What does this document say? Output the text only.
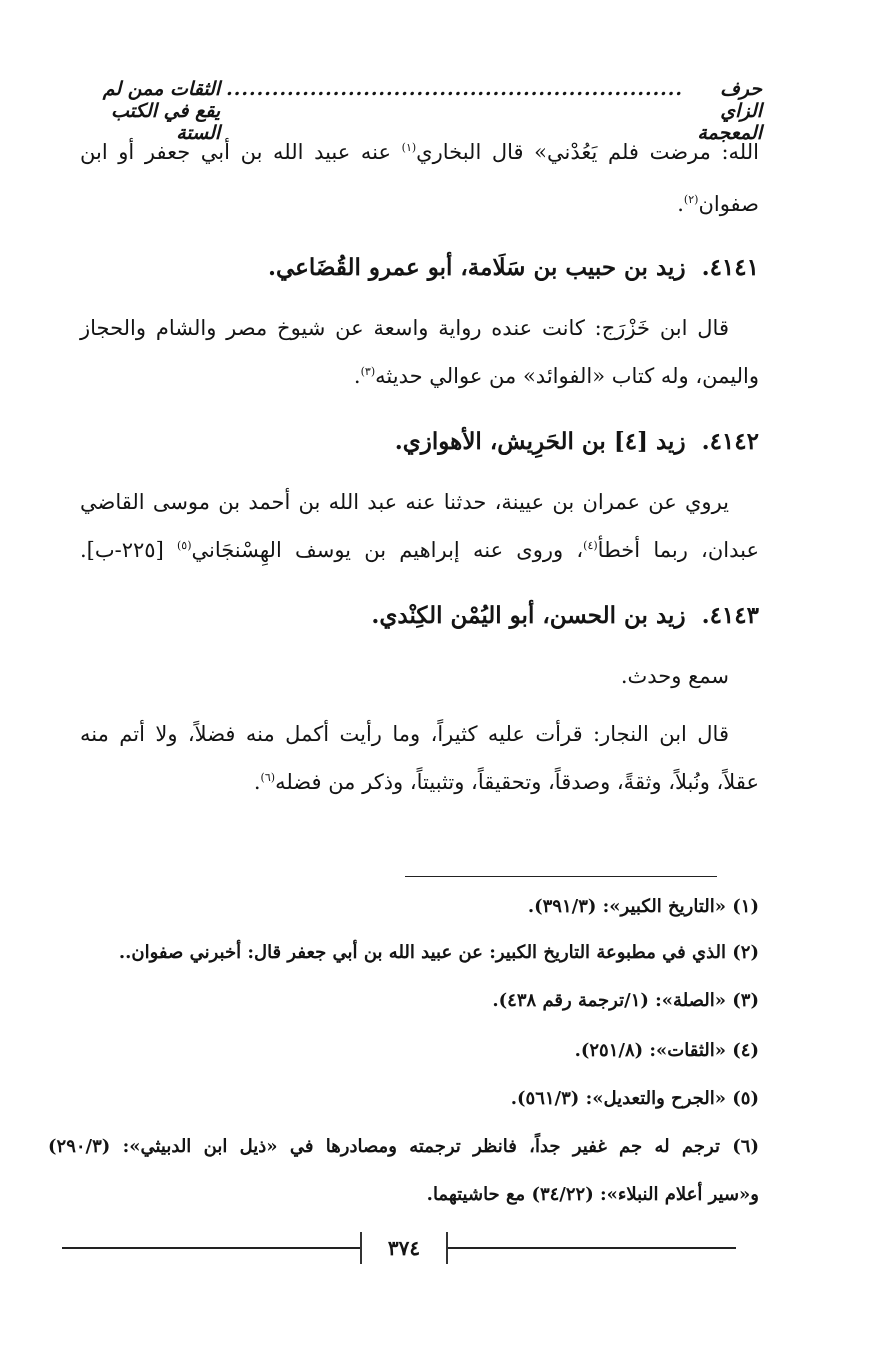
حرف الزاي المعجمة
............................................................
الثقات ممن لم يقع في الكتب الستة
الله: مرضت فلم يَعُدْني» قال البخاري$^{(١)}$ عنه عبيد الله بن أبي جعفر أو ابن
صفوان$^{(٢)}$.
٤١٤١.زيد بن حبيب بن سَلَامة، أبو عمرو القُضَاعي.
قال ابن خَزْرَج: كانت عنده رواية واسعة عن شيوخ مصر والشام والحجاز
واليمن، وله كتاب «الفوائد» من عوالي حديثه$^{(٣)}$.
٤١٤٢.زيد [٤] بن الحَرِيش، الأهوازي.
يروي عن عمران بن عيينة، حدثنا عنه عبد الله بن أحمد بن موسى القاضي
عبدان، ربما أخطأ$^{(٤)}$، وروى عنه إبراهيم بن يوسف الهِسْنجَاني$^{(٥)}$ [٢٢٥-ب].
٤١٤٣.زيد بن الحسن، أبو اليُمْن الكِنْدي.
سمع وحدث.
قال ابن النجار: قرأت عليه كثيراً، وما رأيت أكمل منه فضلاً، ولا أتم منه
عقلاً، ونُبلاً، وثقةً، وصدقاً، وتحقيقاً، وتثبيتاً، وذكر من فضله$^{(٦)}$.
(١) «التاريخ الكبير»: (٣٩١/٣).
(٢) الذي في مطبوعة التاريخ الكبير: عن عبيد الله بن أبي جعفر قال: أخبرني صفوان..
(٣) «الصلة»: (١/ترجمة رقم ٤٣٨).
(٤) «الثقات»: (٢٥١/٨).
(٥) «الجرح والتعديل»: (٥٦١/٣).
(٦) ترجم له جم غفير جداً، فانظر ترجمته ومصادرها في «ذيل ابن الدبيثي»: (٢٩٠/٣)
و«سير أعلام النبلاء»: (٣٤/٢٢) مع حاشيتهما.
٣٧٤
